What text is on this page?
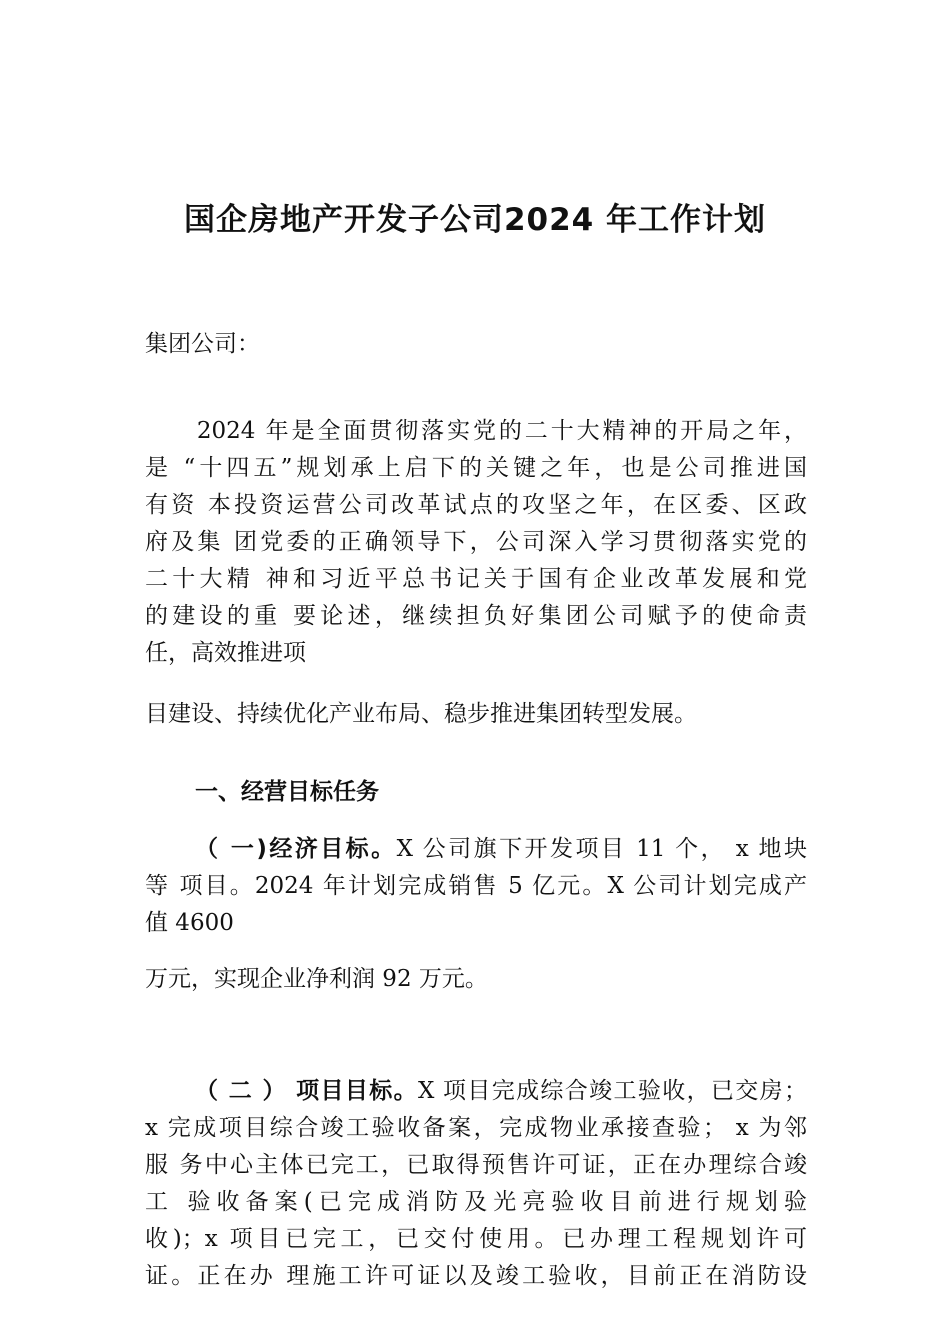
国企房地产开发子公司2024 年工作计划

集团公司：

　　2024 年是全面贯彻落实党的二十大精神的开局之年，

是 “十四五”规划承上启下的关键之年，也是公司推进国

有资 本投资运营公司改革试点的攻坚之年，在区委、区政

府及集 团党委的正确领导下，公司深入学习贯彻落实党的

二十大精 神和习近平总书记关于国有企业改革发展和党

的建设的重 要论述，继续担负好集团公司赋予的使命责

任，高效推进项

目建设、持续优化产业布局、稳步推进集团转型发展。

一、经营目标任务

（ 一)经济目标。X 公司旗下开发项目 11 个， x 地块

等 项目。2024 年计划完成销售 5 亿元。X 公司计划完成产

值 4600

万元，实现企业净利润 92 万元。

（ 二 ） 项目目标。X 项目完成综合竣工验收，已交房；

x 完成项目综合竣工验收备案，完成物业承接查验； x 为邻

服 务中心主体已完工，已取得预售许可证，正在办理综合竣

工 验收备案(已完成消防及光亮验收目前进行规划验

收)；x 项目已完工，已交付使用。已办理工程规划许可

证。正在办 理施工许可证以及竣工验收，目前正在消防设
